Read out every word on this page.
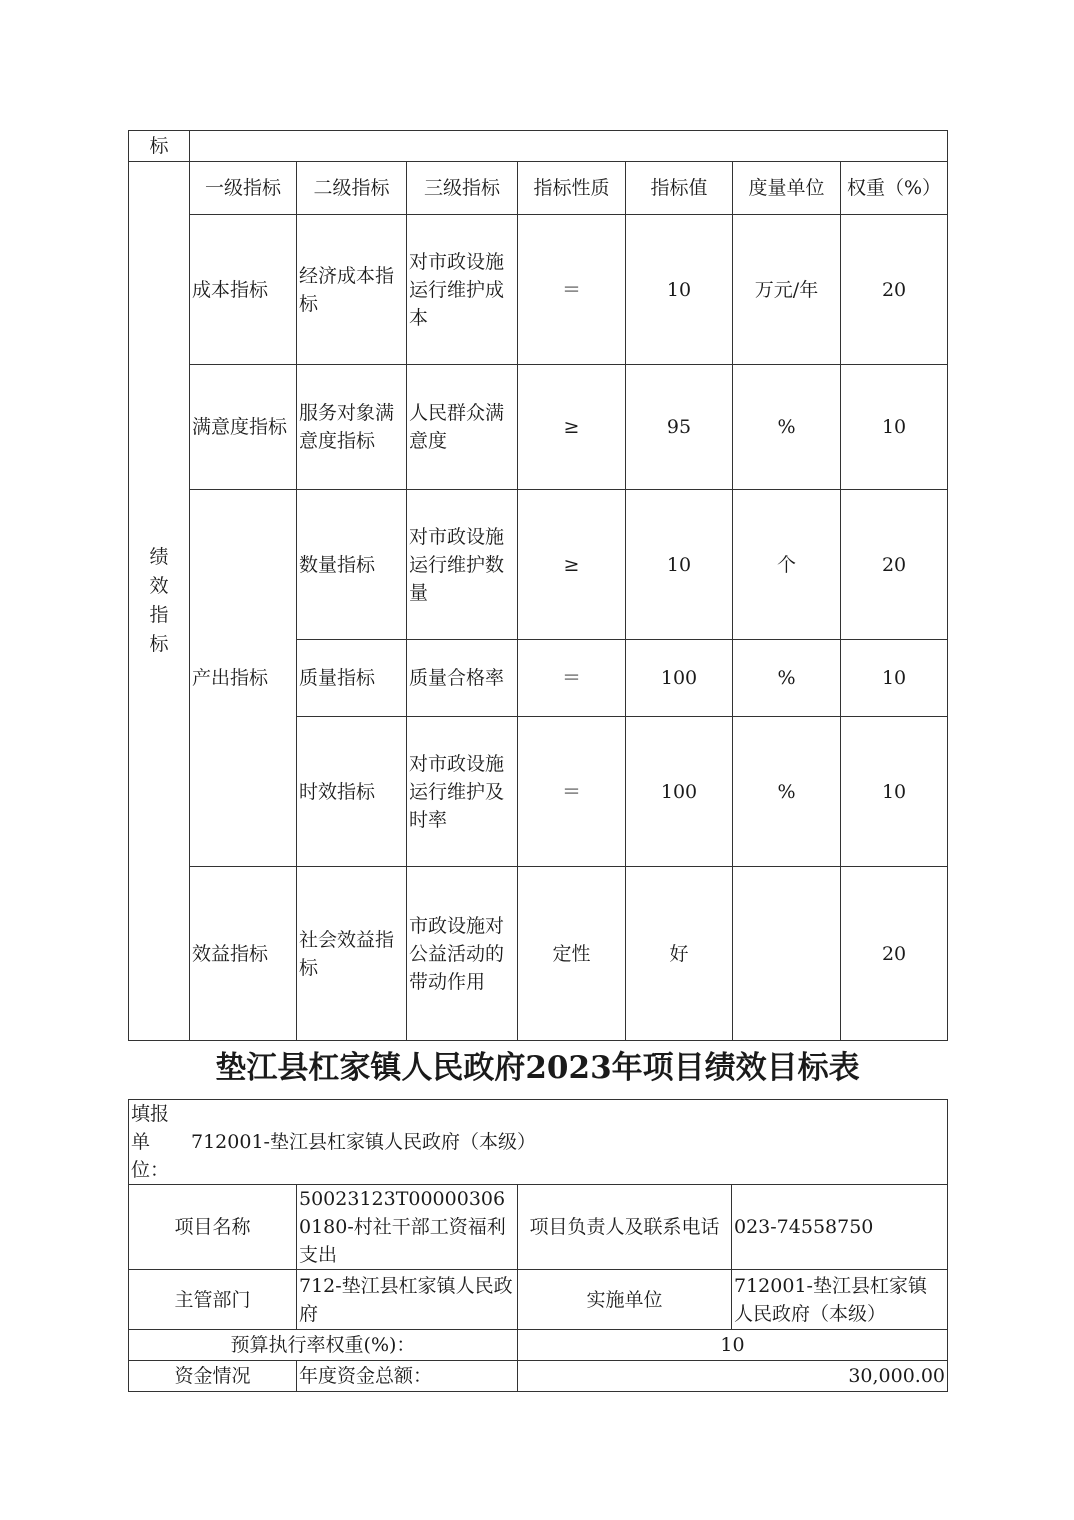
标							
绩
效
指
标	一级指标	二级指标	三级指标	指标性质	指标值	度量单位	权重（%）
	成本指标	经济成本指标	对市政设施运行维护成本	＝	10	万元/年	20
	满意度指标	服务对象满意度指标	人民群众满意度	≥	95	%	10
	产出指标	数量指标	对市政设施运行维护数量	≥	10	个	20
		质量指标	质量合格率	＝	100	%	10
		时效指标	对市政设施运行维护及时率	＝	100	%	10
	效益指标	社会效益指标	市政设施对公益活动的带动作用	定性	好		20
垫江县杠家镇人民政府2023年项目绩效目标表
填报单位：
712001-垫江县杠家镇人民政府（本级）			

项目名称	50023123T000003060180-村社干部工资福利支出	项目负责人及联系电话	023-74558750
主管部门	712-垫江县杠家镇人民政府	实施单位	712001-垫江县杠家镇人民政府（本级）
预算执行率权重(%)：		10	
资金情况	年度资金总额：	30,000.00	
